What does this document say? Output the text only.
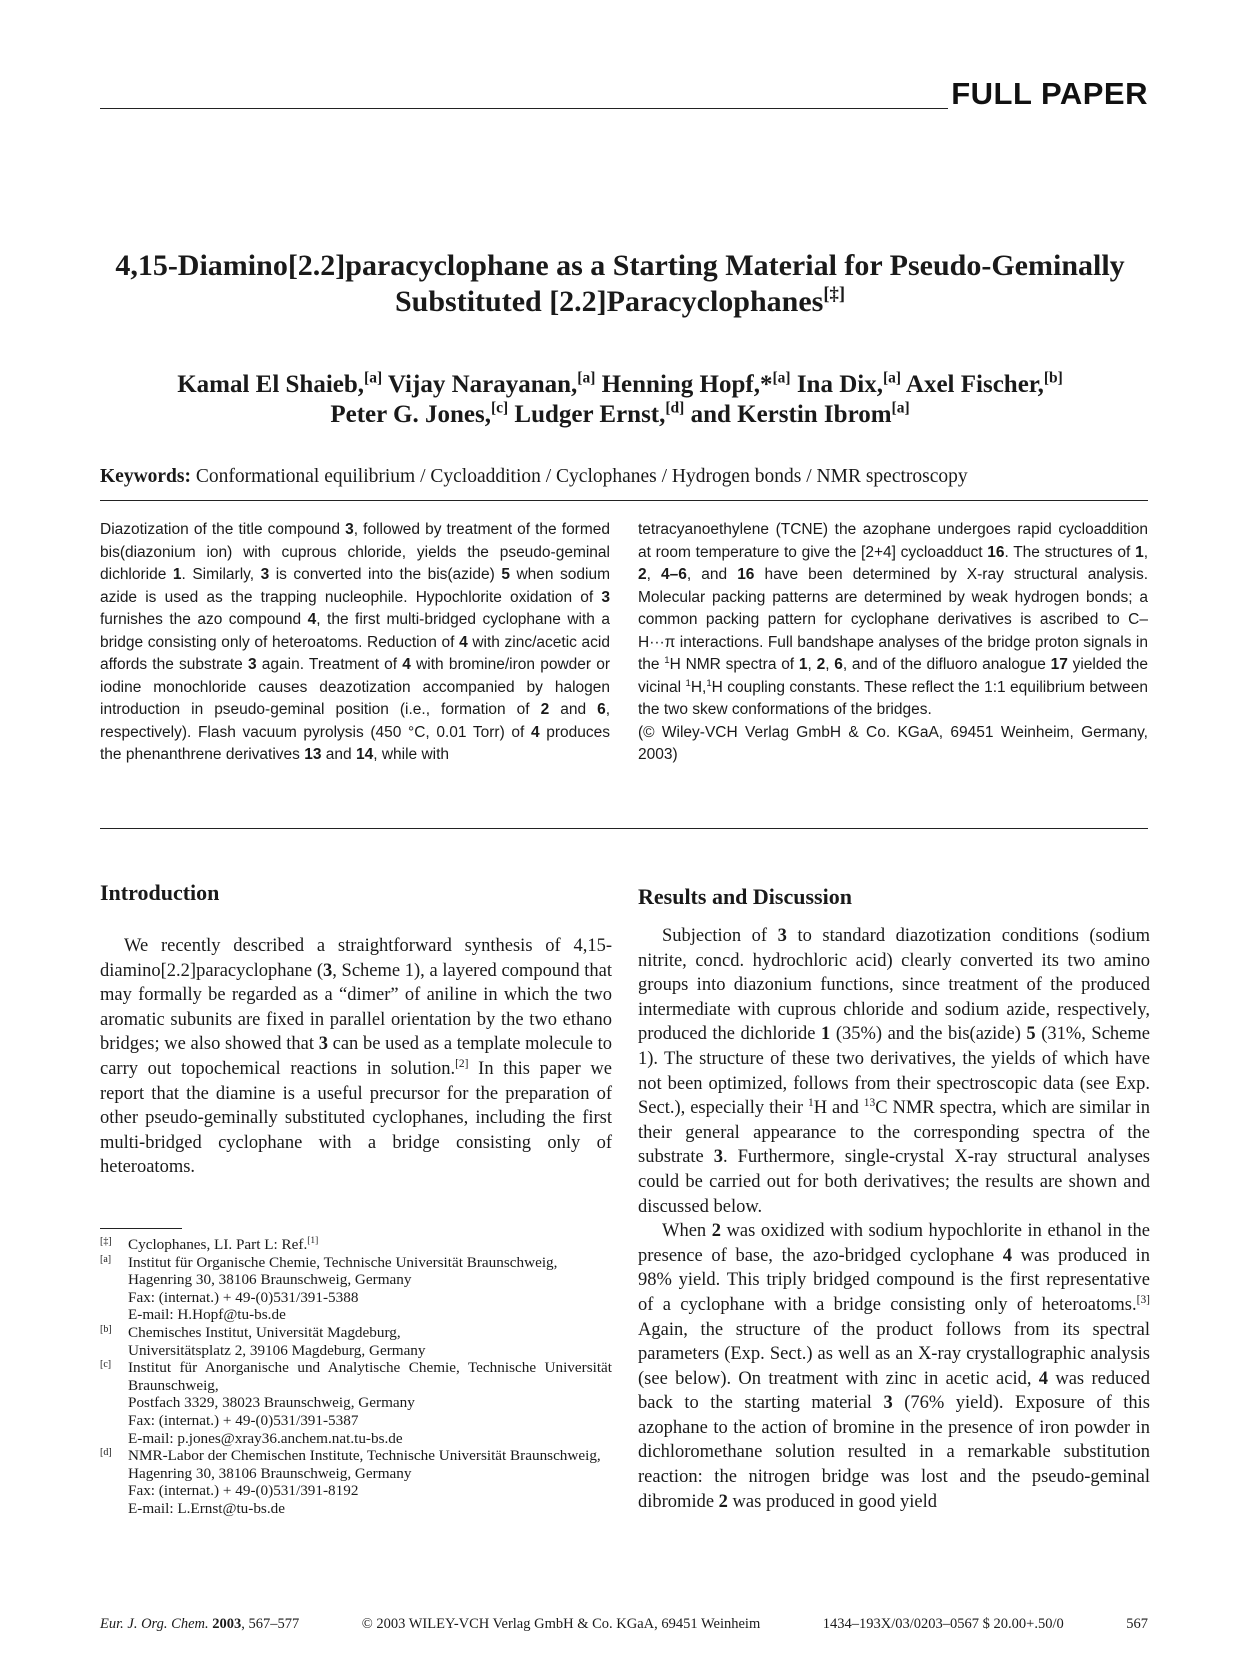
FULL PAPER
4,15-Diamino[2.2]paracyclophane as a Starting Material for Pseudo-Geminally
Substituted [2.2]Paracyclophanes[‡]
Kamal El Shaieb,[a] Vijay Narayanan,[a] Henning Hopf,*[a] Ina Dix,[a] Axel Fischer,[b]
Peter G. Jones,[c] Ludger Ernst,[d] and Kerstin Ibrom[a]
Keywords: Conformational equilibrium / Cycloaddition / Cyclophanes / Hydrogen bonds / NMR spectroscopy
Diazotization of the title compound 3, followed by treatment of the formed bis(diazonium ion) with cuprous chloride, yields the pseudo-geminal dichloride 1. Similarly, 3 is converted into the bis(azide) 5 when sodium azide is used as the trapping nucleophile. Hypochlorite oxidation of 3 furnishes the azo compound 4, the first multi-bridged cyclophane with a bridge consisting only of heteroatoms. Reduction of 4 with zinc/acetic acid affords the substrate 3 again. Treatment of 4 with bromine/iron powder or iodine monochloride causes deazotization accompanied by halogen introduction in pseudo-geminal position (i.e., formation of 2 and 6, respectively). Flash vacuum pyrolysis (450 °C, 0.01 Torr) of 4 produces the phenanthrene derivatives 13 and 14, while with
tetracyanoethylene (TCNE) the azophane undergoes rapid cycloaddition at room temperature to give the [2+4] cycloadduct 16. The structures of 1, 2, 4–6, and 16 have been determined by X-ray structural analysis. Molecular packing patterns are determined by weak hydrogen bonds; a common packing pattern for cyclophane derivatives is ascribed to C–H···π interactions. Full bandshape analyses of the bridge proton signals in the $^1$H NMR spectra of 1, 2, 6, and of the difluoro analogue 17 yielded the vicinal $^1$H,$^1$H coupling constants. These reflect the 1:1 equilibrium between the two skew conformations of the bridges.
(© Wiley-VCH Verlag GmbH & Co. KGaA, 69451 Weinheim, Germany, 2003)
Introduction

We recently described a straightforward synthesis of 4,15-diamino[2.2]paracyclophane (3, Scheme 1), a layered compound that may formally be regarded as a “dimer” of aniline in which the two aromatic subunits are fixed in parallel orientation by the two ethano bridges; we also showed that 3 can be used as a template molecule to carry out topochemical reactions in solution.[2] In this paper we report that the diamine is a useful precursor for the preparation of other pseudo-geminally substituted cyclophanes, including the first multi-bridged cyclophane with a bridge consisting only of heteroatoms.

[‡] Cyclophanes, LI. Part L: Ref.[1]
[a] Institut für Organische Chemie, Technische Universität Braunschweig,
Hagenring 30, 38106 Braunschweig, Germany
Fax: (internat.) + 49-(0)531/391-5388
E-mail: H.Hopf@tu-bs.de
[b] Chemisches Institut, Universität Magdeburg,
Universitätsplatz 2, 39106 Magdeburg, Germany
[c] Institut für Anorganische und Analytische Chemie, Technische Universität Braunschweig,
Postfach 3329, 38023 Braunschweig, Germany
Fax: (internat.) + 49-(0)531/391-5387
E-mail: p.jones@xray36.anchem.nat.tu-bs.de
[d] NMR-Labor der Chemischen Institute, Technische Universität Braunschweig,
Hagenring 30, 38106 Braunschweig, Germany
Fax: (internat.) + 49-(0)531/391-8192
E-mail: L.Ernst@tu-bs.de
Results and Discussion

Subjection of 3 to standard diazotization conditions (sodium nitrite, concd. hydrochloric acid) clearly converted its two amino groups into diazonium functions, since treatment of the produced intermediate with cuprous chloride and sodium azide, respectively, produced the dichloride 1 (35%) and the bis(azide) 5 (31%, Scheme 1). The structure of these two derivatives, the yields of which have not been optimized, follows from their spectroscopic data (see Exp. Sect.), especially their $^1$H and $^{13}$C NMR spectra, which are similar in their general appearance to the corresponding spectra of the substrate 3. Furthermore, single-crystal X-ray structural analyses could be carried out for both derivatives; the results are shown and discussed below.

When 2 was oxidized with sodium hypochlorite in ethanol in the presence of base, the azo-bridged cyclophane 4 was produced in 98% yield. This triply bridged compound is the first representative of a cyclophane with a bridge consisting only of heteroatoms.[3] Again, the structure of the product follows from its spectral parameters (Exp. Sect.) as well as an X-ray crystallographic analysis (see below). On treatment with zinc in acetic acid, 4 was reduced back to the starting material 3 (76% yield). Exposure of this azophane to the action of bromine in the presence of iron powder in dichloromethane solution resulted in a remarkable substitution reaction: the nitrogen bridge was lost and the pseudo-geminal dibromide 2 was produced in good yield

Eur. J. Org. Chem. 2003, 567–577	© 2003 WILEY-VCH Verlag GmbH & Co. KGaA, 69451 Weinheim	1434–193X/03/0203–0567 $ 20.00+.50/0	567
